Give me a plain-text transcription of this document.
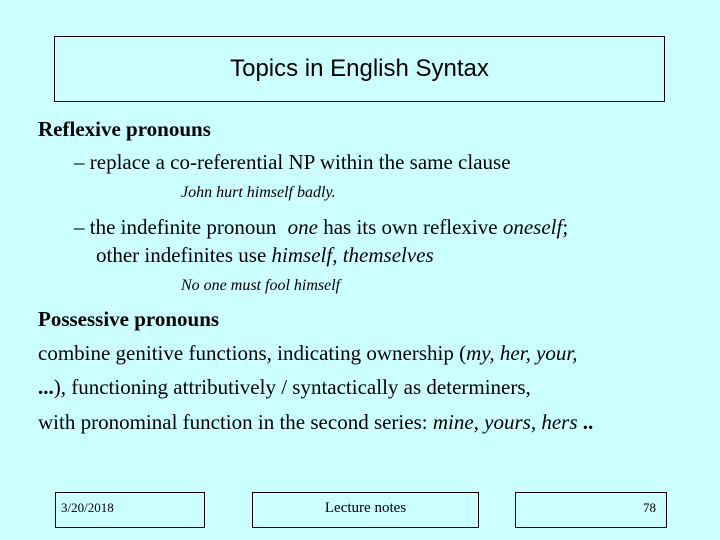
Topics in English Syntax
Reflexive pronouns
– replace a co-referential NP within the same clause
John hurt himself badly.
– the indefinite pronoun one has its own reflexive oneself;
other indefinites use himself, themselves
No one must fool himself
Possessive pronouns
combine genitive functions, indicating ownership (my, her, your,
...), functioning attributively / syntactically as determiners,
with pronominal function in the second series: mine, yours, hers ..
3/20/2018	Lecture notes	78
